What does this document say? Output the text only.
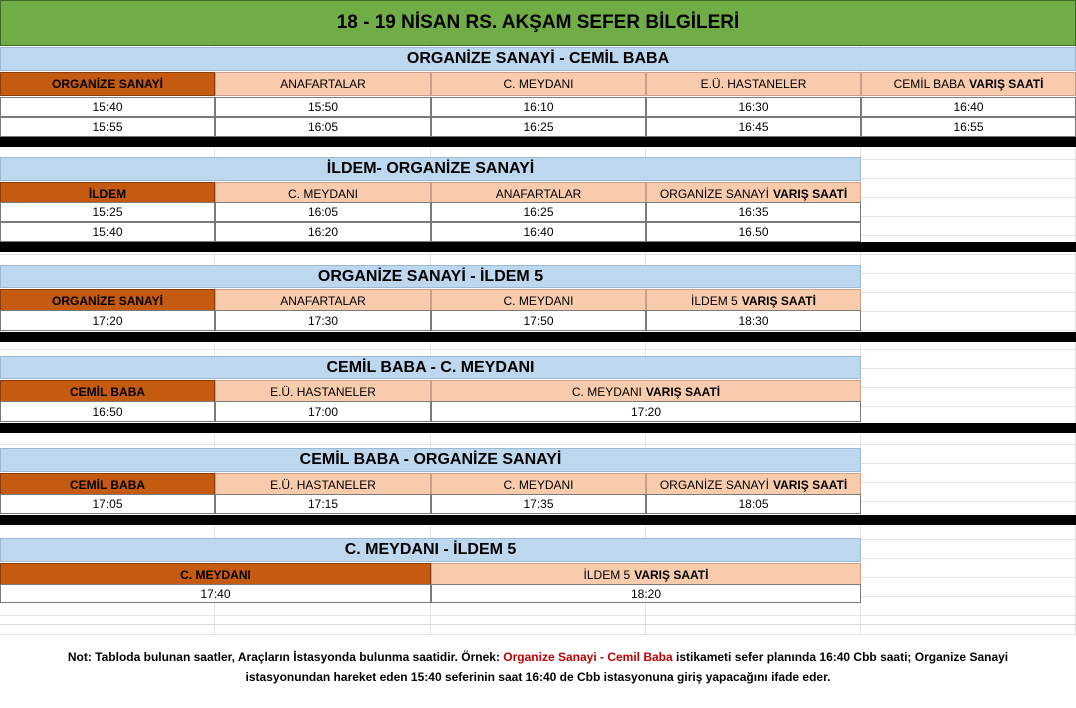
18 - 19 NİSAN RS. AKŞAM SEFER BİLGİLERİ
ORGANİZE SANAYİ - CEMİL BABA
ORGANİZE SANAYİ	ANAFARTALAR	C. MEYDANI	E.Ü. HASTANELER	CEMİL BABA VARIŞ SAATİ
15:40	15:50	16:10	16:30	16:40
15:55	16:05	16:25	16:45	16:55
İLDEM- ORGANİZE SANAYİ
İLDEM	C. MEYDANI	ANAFARTALAR	ORGANİZE SANAYİ VARIŞ SAATİ
15:25	16:05	16:25	16:35
15:40	16:20	16:40	16.50
ORGANİZE SANAYİ - İLDEM 5
ORGANİZE SANAYİ	ANAFARTALAR	C. MEYDANI	İLDEM 5 VARIŞ SAATİ
17:20	17:30	17:50	18:30
CEMİL BABA - C. MEYDANI
CEMİL BABA	E.Ü. HASTANELER	C. MEYDANI VARIŞ SAATİ
16:50	17:00	17:20
CEMİL BABA - ORGANİZE SANAYİ
CEMİL BABA	E.Ü. HASTANELER	C. MEYDANI	ORGANİZE SANAYİ VARIŞ SAATİ
17:05	17:15	17:35	18:05
C. MEYDANI - İLDEM 5
C. MEYDANI	İLDEM 5 VARIŞ SAATİ
17:40	18:20
Not: Tabloda bulunan saatler, Araçların İstasyonda bulunma saatidir. Örnek: Organize Sanayi - Cemil Baba istikameti sefer planında 16:40 Cbb saati; Organize Sanayi istasyonundan hareket eden 15:40 seferinin saat 16:40 de Cbb istasyonuna giriş yapacağını ifade eder.
